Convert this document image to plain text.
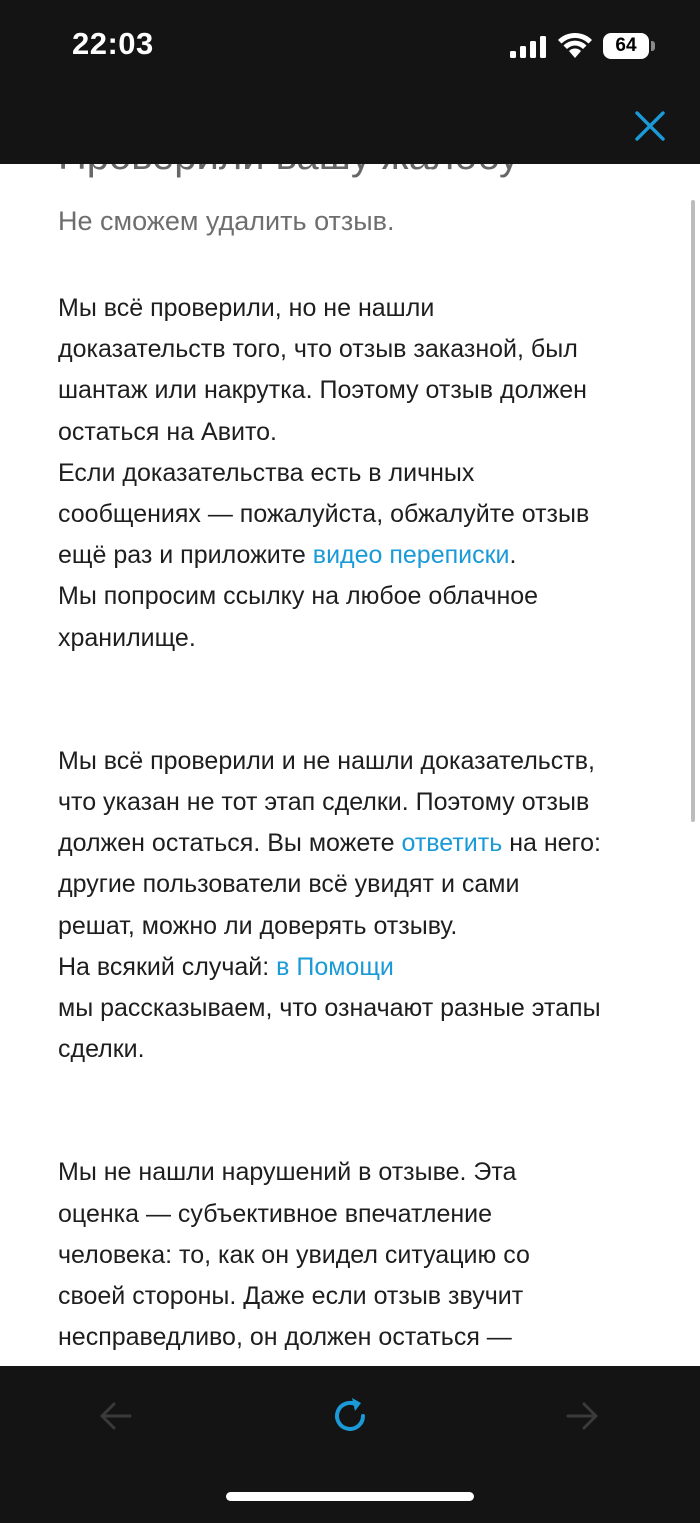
22:03	64
Не сможем удалить отзыв.
Мы всё проверили, но не нашли
доказательств того, что отзыв заказной, был
шантаж или накрутка. Поэтому отзыв должен
остаться на Авито.
Если доказательства есть в личных
сообщениях — пожалуйста, обжалуйте отзыв
ещё раз и приложите видео переписки.
Мы попросим ссылку на любое облачное
хранилище.
Мы всё проверили и не нашли доказательств,
что указан не тот этап сделки. Поэтому отзыв
должен остаться. Вы можете ответить на него:
другие пользователи всё увидят и сами
решат, можно ли доверять отзыву.
На всякий случай: в Помощи
мы рассказываем, что означают разные этапы
сделки.
Мы не нашли нарушений в отзыве. Эта
оценка — субъективное впечатление
человека: то, как он увидел ситуацию со
своей стороны. Даже если отзыв звучит
несправедливо, он должен остаться —
